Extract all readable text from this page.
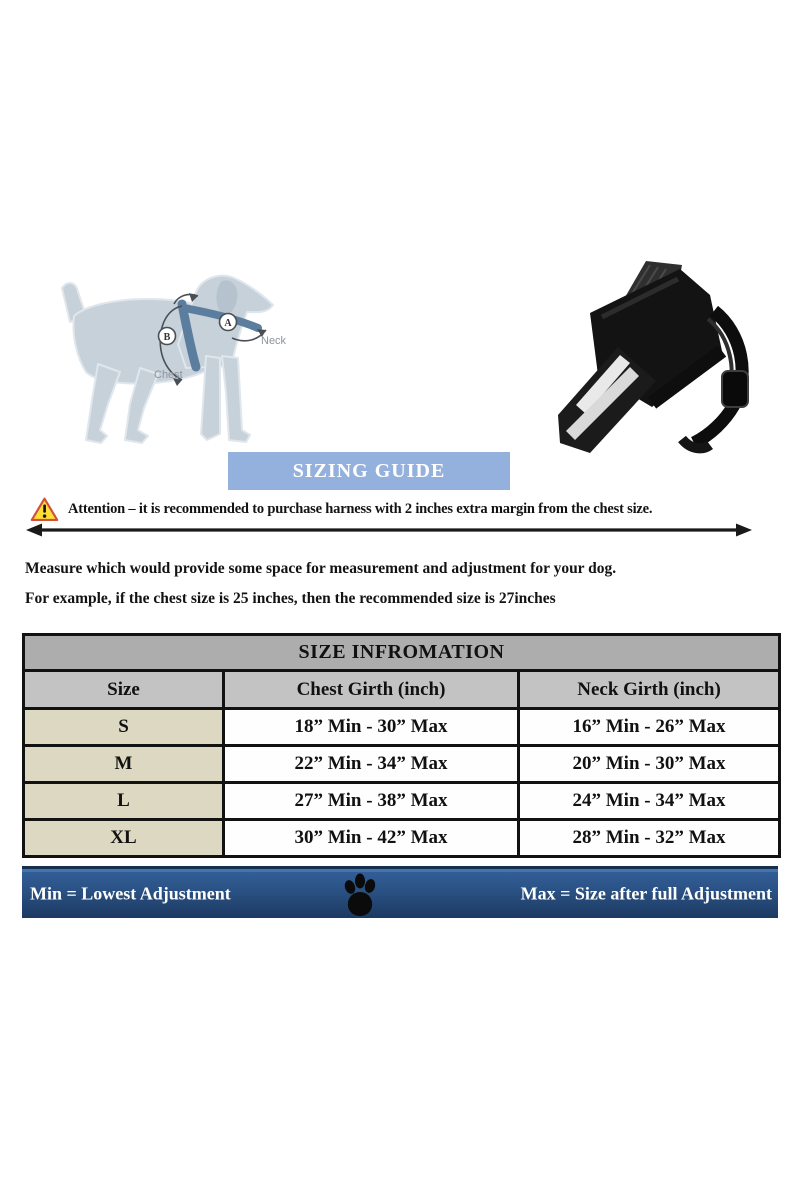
B
A
Neck
Chest
SIZING GUIDE
Attention – it is recommended to purchase harness with 2 inches extra margin from the chest size.
Measure which would provide some space for measurement and adjustment for your dog.
For example, if the chest size is 25 inches, then the recommended size is 27inches
SIZE INFROMATION		
Size	Chest Girth (inch)	Neck Girth (inch)
S	18” Min - 30” Max	16” Min - 26” Max
M	22” Min - 34” Max	20” Min - 30” Max
L	27” Min - 38” Max	24” Min - 34” Max
XL	30” Min - 42” Max	28” Min - 32” Max
Min = Lowest Adjustment	Max = Size after full Adjustment
